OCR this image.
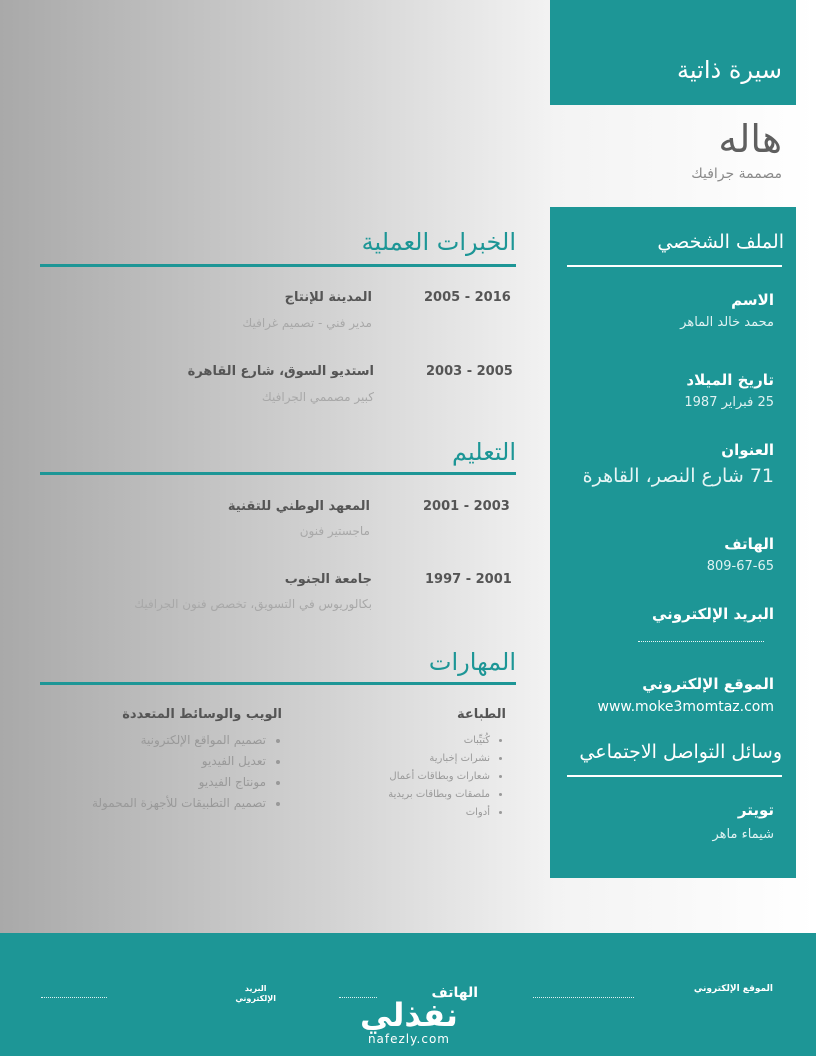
سيرة ذاتية
هاله
مصممة جرافيك
الملف الشخصي
الاسم
محمد خالد الماهر
تاريخ الميلاد
25 فبراير 1987
العنوان
71 شارع النصر، القاهرة
الهاتف
809-67-65
البريد الإلكتروني
الموقع الإلكتروني
www.moke3momtaz.com
وسائل التواصل الاجتماعي
تويتر
شيماء ماهر
الخبرات العملية
2005 - 2016
المدينة للإنتاج
مدير فني - تصميم غرافيك
2003 - 2005
استديو السوق، شارع القاهرة
كبير مصممي الجرافيك
التعليم
2001 - 2003
المعهد الوطني للتقنية
ماجستير فنون
1997 - 2001
جامعة الجنوب
بكالوريوس في التسويق، تخصص فنون الجرافيك
المهارات
الطباعة
• كُتيِّبات
• نشرات إخبارية
• شعارات وبطاقات أعمال
• ملصقات وبطاقات بريدية
• أدوات
الويب والوسائط المتعددة
• تصميم المواقع الإلكترونية
• تعديل الفيديو
• مونتاج الفيديو
• تصميم التطبيقات للأجهزة المحمولة
الموقع الإلكتروني
الهاتف
البريد
الإلكتروني	نفذلي
nafezly.com
